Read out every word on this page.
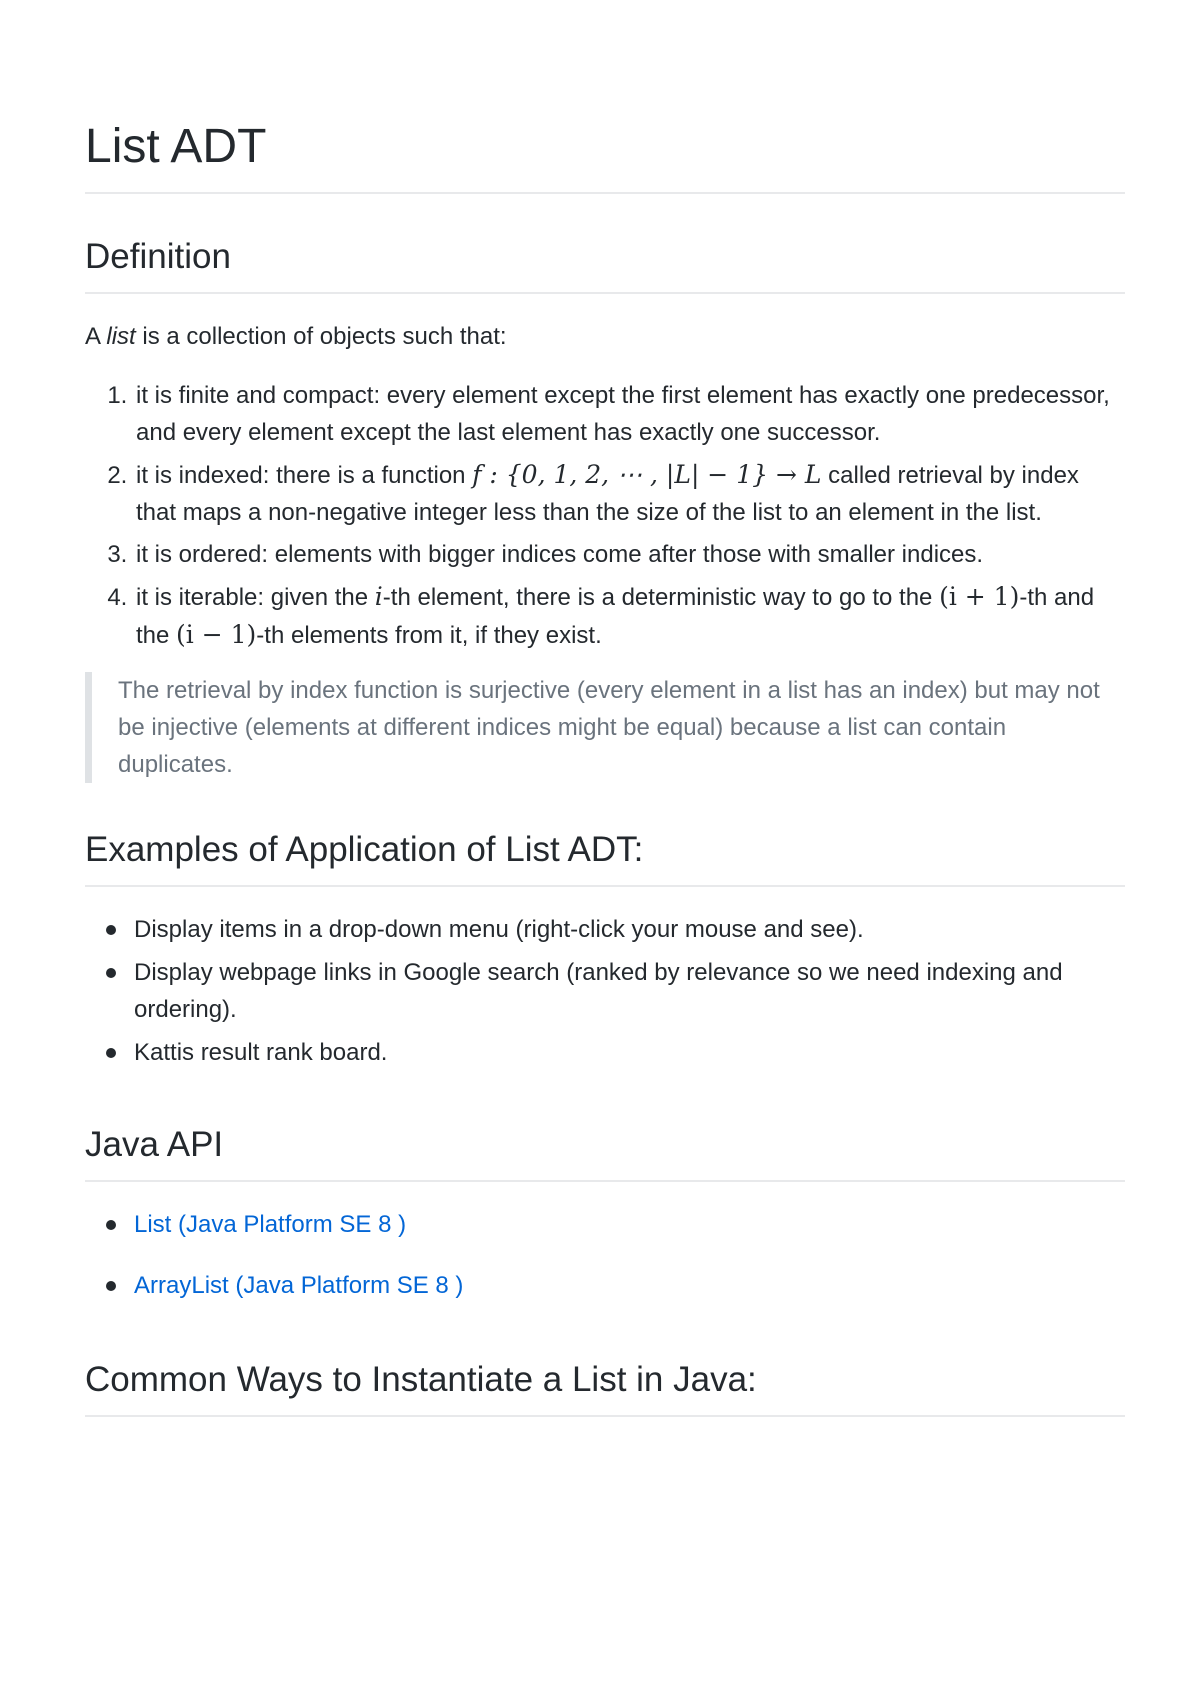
List ADT
Definition

A list is a collection of objects such that:

1. it is finite and compact: every element except the first element has exactly one predecessor, and every element except the last element has exactly one successor.
2. it is indexed: there is a function f : {0, 1, 2, ⋯ , |L| − 1} → L called retrieval by index that maps a non-negative integer less than the size of the list to an element in the list.
3. it is ordered: elements with bigger indices come after those with smaller indices.
4. it is iterable: given the i-th element, there is a deterministic way to go to the (i + 1)-th and the (i − 1)-th elements from it, if they exist.
The retrieval by index function is surjective (every element in a list has an index) but may not be injective (elements at different indices might be equal) because a list can contain duplicates.
Examples of Application of List ADT:
Display items in a drop-down menu (right-click your mouse and see).
Display webpage links in Google search (ranked by relevance so we need indexing and ordering).
Kattis result rank board.
Java API
List (Java Platform SE 8 )
ArrayList (Java Platform SE 8 )
Common Ways to Instantiate a List in Java:
